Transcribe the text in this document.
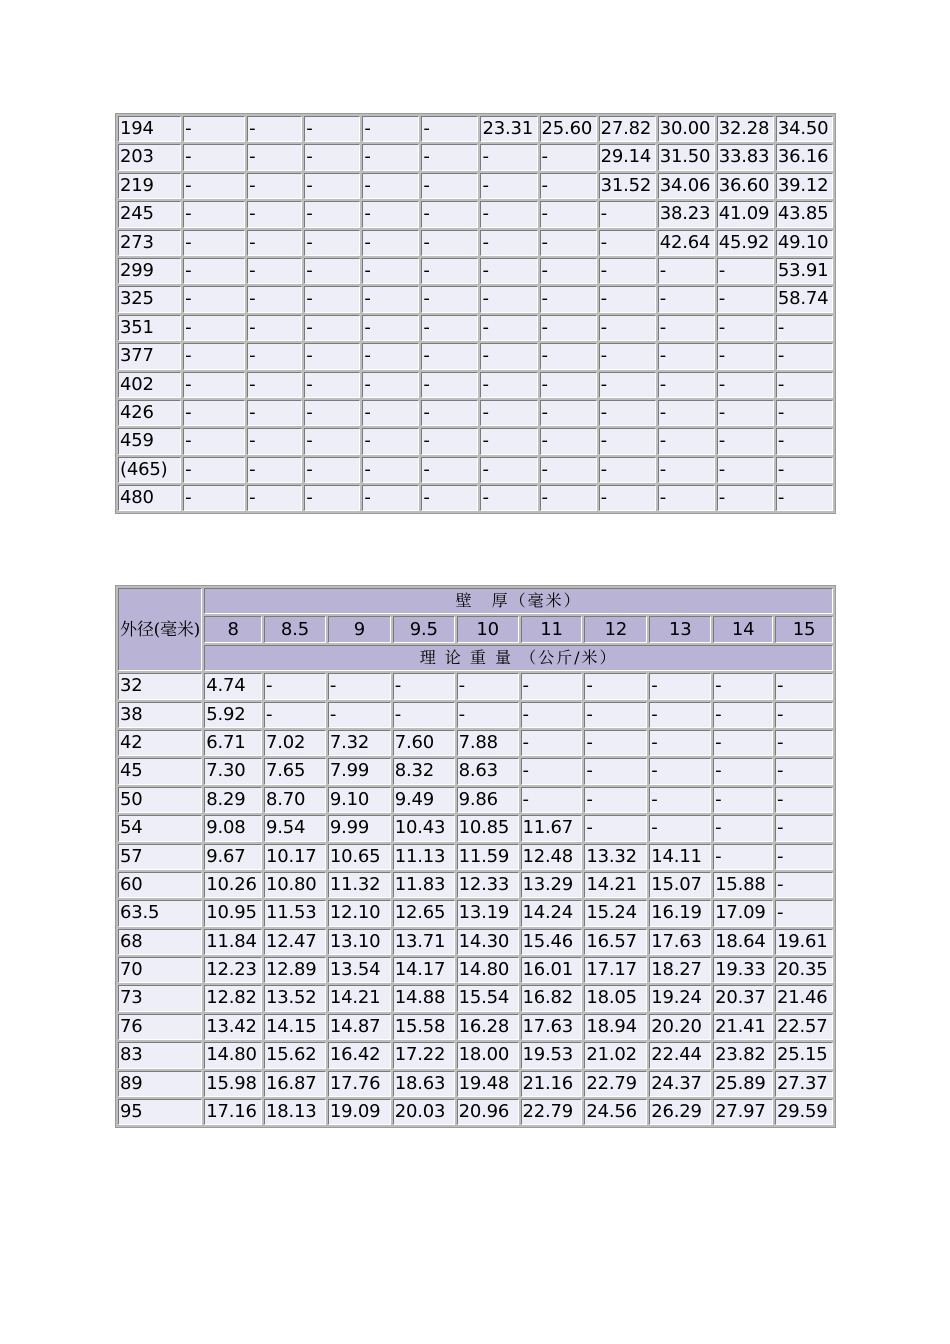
194	-	-	-	-	-	23.31	25.60	27.82	30.00	32.28	34.50
203	-	-	-	-	-	-	-	29.14	31.50	33.83	36.16
219	-	-	-	-	-	-	-	31.52	34.06	36.60	39.12
245	-	-	-	-	-	-	-	-	38.23	41.09	43.85
273	-	-	-	-	-	-	-	-	42.64	45.92	49.10
299	-	-	-	-	-	-	-	-	-	-	53.91
325	-	-	-	-	-	-	-	-	-	-	58.74
351	-	-	-	-	-	-	-	-	-	-	-
377	-	-	-	-	-	-	-	-	-	-	-
402	-	-	-	-	-	-	-	-	-	-	-
426	-	-	-	-	-	-	-	-	-	-	-
459	-	-	-	-	-	-	-	-	-	-	-
(465)	-	-	-	-	-	-	-	-	-	-	-
480	-	-	-	-	-	-	-	-	-	-	-
外径(毫米)	壁　厚（毫米）									
	8	8.5	9	9.5	10	11	12	13	14	15
	理 论 重 量 （公斤/米）									
32	4.74	-	-	-	-	-	-	-	-	-
38	5.92	-	-	-	-	-	-	-	-	-
42	6.71	7.02	7.32	7.60	7.88	-	-	-	-	-
45	7.30	7.65	7.99	8.32	8.63	-	-	-	-	-
50	8.29	8.70	9.10	9.49	9.86	-	-	-	-	-
54	9.08	9.54	9.99	10.43	10.85	11.67	-	-	-	-
57	9.67	10.17	10.65	11.13	11.59	12.48	13.32	14.11	-	-
60	10.26	10.80	11.32	11.83	12.33	13.29	14.21	15.07	15.88	-
63.5	10.95	11.53	12.10	12.65	13.19	14.24	15.24	16.19	17.09	-
68	11.84	12.47	13.10	13.71	14.30	15.46	16.57	17.63	18.64	19.61
70	12.23	12.89	13.54	14.17	14.80	16.01	17.17	18.27	19.33	20.35
73	12.82	13.52	14.21	14.88	15.54	16.82	18.05	19.24	20.37	21.46
76	13.42	14.15	14.87	15.58	16.28	17.63	18.94	20.20	21.41	22.57
83	14.80	15.62	16.42	17.22	18.00	19.53	21.02	22.44	23.82	25.15
89	15.98	16.87	17.76	18.63	19.48	21.16	22.79	24.37	25.89	27.37
95	17.16	18.13	19.09	20.03	20.96	22.79	24.56	26.29	27.97	29.59
